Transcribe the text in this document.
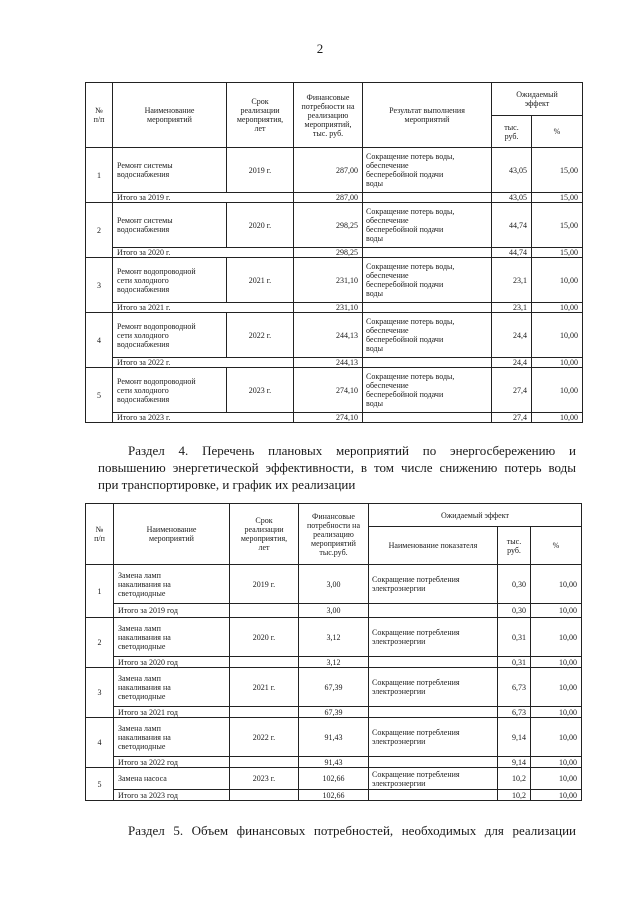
2
№
п/п	Наименование
мероприятий	Срок
реализации
мероприятия,
лет	Финансовые
потребности на
реализацию
мероприятий,
тыс. руб.	Результат выполнения
мероприятий	Ожидаемый
эффект	
					тыс.
руб.	%
1	Ремонт системы
водоснабжения	2019 г.	287,00	Сокращение потерь воды,
обеспечение
бесперебойной подачи
воды	43,05	15,00
	Итого за 2019 г.		287,00		43,05	15,00
2	Ремонт системы
водоснабжения	2020 г.	298,25	Сокращение потерь воды,
обеспечение
бесперебойной подачи
воды	44,74	15,00
	Итого за 2020 г.		298,25		44,74	15,00
3	Ремонт водопроводной
сети холодного
водоснабжения	2021 г.	231,10	Сокращение потерь воды,
обеспечение
бесперебойной подачи
воды	23,1	10,00
	Итого за 2021 г.		231,10		23,1	10,00
4	Ремонт водопроводной
сети холодного
водоснабжения	2022 г.	244,13	Сокращение потерь воды,
обеспечение
бесперебойной подачи
воды	24,4	10,00
	Итого за 2022 г.		244,13		24,4	10,00
5	Ремонт водопроводной
сети холодного
водоснабжения	2023 г.	274,10	Сокращение потерь воды,
обеспечение
бесперебойной подачи
воды	27,4	10,00
	Итого за 2023 г.		274,10		27,4	10,00
Раздел 4. Перечень плановых мероприятий по энергосбережению и
повышению энергетической эффективности, в том числе снижению потерь воды
при транспортировке, и график их реализации
№
п/п	Наименование
мероприятий	Срок
реализации
мероприятия,
лет	Финансовые
потребности на
реализацию
мероприятий
тыс.руб.	Ожидаемый эффект		
				Наименование показателя	тыс.
руб.	%
1	Замена ламп
накаливания на
светодиодные	2019 г.	3,00	Сокращение потребления
электроэнергии	0,30	10,00
	Итого за 2019 год		3,00		0,30	10,00
2	Замена ламп
накаливания на
светодиодные	2020 г.	3,12	Сокращение потребления
электроэнергии	0,31	10,00
	Итого за 2020 год		3,12		0,31	10,00
3	Замена ламп
накаливания на
светодиодные	2021 г.	67,39	Сокращение потребления
электроэнергии	6,73	10,00
	Итого за 2021 год		67,39		6,73	10,00
4	Замена ламп
накаливания на
светодиодные	2022 г.	91,43	Сокращение потребления
электроэнергии	9,14	10,00
	Итого за 2022 год		91,43		9,14	10,00
5	Замена насоса	2023 г.	102,66	Сокращение потребления
электроэнергии	10,2	10,00
	Итого за 2023 год		102,66		10,2	10,00
Раздел 5. Объем финансовых потребностей, необходимых для реализации
